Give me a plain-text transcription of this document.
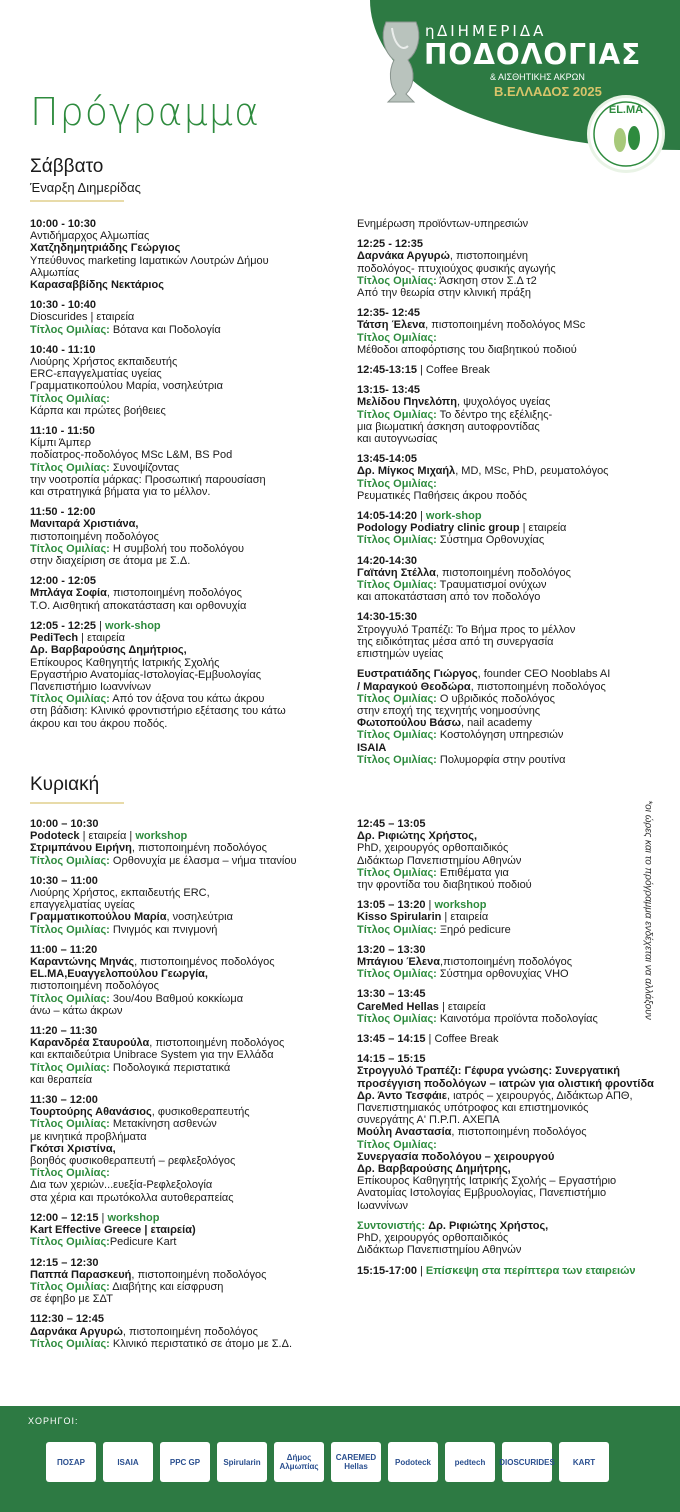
η ΔΙΗΜΕΡΙΔΑ
ΠΟΔΟΛΟΓΙΑΣ
& ΑΙΣΘΗΤΙΚΗΣ ΑΚΡΩΝ
Β.ΕΛΛΑΔΟΣ 2025
EL.MA
Πρόγραμμα
Σάββατο
Έναρξη Διημερίδας
10:00 - 10:30
Αντιδήμαρχος Αλμωπίας
Χατζηδημητριάδης Γεώργιος
Υπεύθυνος marketing Ιαματικών Λουτρών Δήμου
Αλμωπίας
Καρασαββίδης Νεκτάριος
10:30 - 10:40
Dioscurides | εταιρεία
Τίτλος Ομιλίας: Βότανα και Ποδολογία
10:40 - 11:10
Λιούρης Χρήστος εκπαιδευτής
ERC-επαγγελματίας υγείας
Γραμματικοπούλου Μαρία, νοσηλεύτρια
Τίτλος Ομιλίας:
Κάρπα και πρώτες βοήθειες
11:10 - 11:50
Κίμπι Άμπερ
ποδίατρος-ποδολόγος MSc L&M, BS Pod
Τίτλος Ομιλίας: Συνοψίζοντας
την νοοτροπία μάρκας: Προσωπική παρουσίαση
και στρατηγικά βήματα για το μέλλον.
11:50 - 12:00
Μανιταρά Χριστιάνα,
πιστοποιημένη ποδολόγος
Τίτλος Ομιλίας: Η συμβολή του ποδολόγου
στην διαχείριση σε άτομα με Σ.Δ.
12:00 - 12:05
Μπλάγα Σοφία, πιστοποιημένη ποδολόγος
Τ.Ο. Αισθητική αποκατάσταση και ορθονυχία
12:05 - 12:25 | work-shop
PediTech | εταιρεία
Δρ. Βαρβαρούσης Δημήτριος,
Επίκουρος Καθηγητής Ιατρικής Σχολής
Εργαστήριο Ανατομίας-Ιστολογίας-Εμβυολογίας
Πανεπιστήμιο Ιωαννίνων
Τίτλος Ομιλίας: Από τον άξονα του κάτω άκρου
στη βάδιση: Κλινικό φροντιστήριο εξέτασης του κάτω
άκρου και του άκρου ποδός.
Ενημέρωση προϊόντων-υπηρεσιών
12:25 - 12:35
Δαρνάκα Αργυρώ, πιστοποιημένη
ποδολόγος- πτυχιούχος φυσικής αγωγής
Τίτλος Ομιλίας: Άσκηση στον Σ.Δ τ2
Από την θεωρία στην κλινική πράξη
12:35- 12:45
Τάτση Έλενα, πιστοποιημένη ποδολόγος MSc
Τίτλος Ομιλίας:
Μέθοδοι αποφόρτισης του διαβητικού ποδιού
12:45-13:15 | Coffee Break
13:15- 13:45
Μελίδου Πηνελόπη, ψυχολόγος υγείας
Τίτλος Ομιλίας: Το δέντρο της εξέλιξης-
μια βιωματική άσκηση αυτοφροντίδας
και αυτογνωσίας
13:45-14:05
Δρ. Μίγκος Μιχαήλ, MD, MSc, PhD, ρευματολόγος
Τίτλος Ομιλίας:
Ρευματικές Παθήσεις άκρου ποδός
14:05-14:20 | work-shop
Podology Podiatry clinic group | εταιρεία
Τίτλος Ομιλίας: Σύστημα Ορθονυχίας
14:20-14:30
Γαϊτάνη Στέλλα, πιστοποιημένη ποδολόγος
Τίτλος Ομιλίας: Τραυματισμοί ονύχων
και αποκατάσταση από τον ποδολόγο
14:30-15:30
Στρογγυλό Τραπέζι: Το Βήμα προς το μέλλον
της ειδικότητας μέσα από τη συνεργασία
επιστημών υγείας
Ευστρατιάδης Γιώργος, founder CEO Nooblabs AI
/ Μαραγκού Θεοδώρα, πιστοποιημένη ποδολόγος
Τίτλος Ομιλίας: Ο υβριδικός ποδολόγος
στην εποχή της τεχνητής νοημοσύνης
Φωτοπούλου Βάσω, nail academy
Τίτλος Ομιλίας: Κοστολόγηση υπηρεσιών
ISAIA
Τίτλος Ομιλίας: Πολυμορφία στην ρουτίνα
Κυριακή
10:00 – 10:30
Podoteck | εταιρεία | workshop
Στριμπάνου Ειρήνη, πιστοποιημένη ποδολόγος
Τίτλος Ομιλίας: Ορθονυχία με έλασμα – νήμα τιτανίου
10:30 – 11:00
Λιούρης Χρήστος, εκπαιδευτής ERC,
επαγγελματίας υγείας
Γραμματικοπούλου Μαρία, νοσηλεύτρια
Τίτλος Ομιλίας: Πνιγμός και πνιγμονή
11:00 – 11:20
Καραντώνης Μηνάς, πιστοποιημένος ποδολόγος
EL.MA,Ευαγγελοπούλου Γεωργία,
πιστοποιημένη ποδολόγος
Τίτλος Ομιλίας: 3ου/4ου Βαθμού κοκκίωμα
άνω – κάτω άκρων
11:20 – 11:30
Καρανδρέα Σταυρούλα, πιστοποιημένη ποδολόγος
και εκπαιδεύτρια Unibrace System για την Ελλάδα
Τίτλος Ομιλίας: Ποδολογικά περιστατικά
και θεραπεία
11:30 – 12:00
Τουρτούρης Αθανάσιος, φυσικοθεραπευτής
Τίτλος Ομιλίας: Μετακίνηση ασθενών
με κινητικά προβλήματα
Γκότσι Χριστίνα,
βοηθός φυσικοθεραπευτή – ρεφλεξολόγος
Τίτλος Ομιλίας:
Δια των χεριών...ευεξία-Ρεφλεξολογία
στα χέρια και πρωτόκολλα αυτοθεραπείας
12:00 – 12:15 | workshop
Kart Effective Greece | εταιρεία)
Τίτλος Ομιλίας:Pedicure Kart
12:15 – 12:30
Παππά Παρασκευή, πιστοποιημένη ποδολόγος
Τίτλος Ομιλίας: Διαβήτης και είσφρυση
σε έφηβο με ΣΔΤ
112:30 – 12:45
Δαρνάκα Αργυρώ, πιστοποιημένη ποδολόγος
Τίτλος Ομιλίας: Κλινικό περιστατικό σε άτομο με Σ.Δ.
12:45 – 13:05
Δρ. Ριφιώτης Χρήστος,
PhD, χειρουργός ορθοπαιδικός
Διδάκτωρ Πανεπιστημίου Αθηνών
Τίτλος Ομιλίας: Επιθέματα για
την φροντίδα του διαβητικού ποδιού
13:05 – 13:20 | workshop
Kisso Spirularin | εταιρεία
Τίτλος Ομιλίας: Ξηρό pedicure
13:20 – 13:30
Μπάγιου Έλενα,πιστοποιημένη ποδολόγος
Τίτλος Ομιλίας: Σύστημα ορθονυχίας VHO
13:30 – 13:45
CareMed Hellas | εταιρεία
Τίτλος Ομιλίας: Καινοτόμα προϊόντα ποδολογίας
13:45 – 14:15 | Coffee Break
14:15 – 15:15
Στρογγυλό Τραπέζι: Γέφυρα γνώσης: Συνεργατική
προσέγγιση ποδολόγων – ιατρών για ολιστική φροντίδα
Δρ. Άντο Τεσφάιε, ιατρός – χειρουργός, Διδάκτωρ ΑΠΘ,
Πανεπιστημιακός υπότροφος και επιστημονικός
συνεργάτης Α' Π.Ρ.Π. ΑΧΕΠΑ
Μούλη Αναστασία, πιστοποιημένη ποδολόγος
Τίτλος Ομιλίας:
Συνεργασία ποδολόγου – χειρουργού
Δρ. Βαρβαρούσης Δημήτρης,
Επίκουρος Καθηγητής Ιατρικής Σχολής – Εργαστήριο
Ανατομίας Ιστολογίας Εμβρυολογίας, Πανεπιστήμιο
Ιωαννίνων
Συντονιστής: Δρ. Ριφιώτης Χρήστος,
PhD, χειρουργός ορθοπαιδικός
Διδάκτωρ Πανεπιστημίου Αθηνών
15:15-17:00 | Επίσκεψη στα περίπτερα των εταιρειών
*οι ώρες και το πρόγραμμα ενδέχεται να αλλάξουν
ΧΟΡΗΓΟΙ:
ΠΟΣΑΡ	ISAIA	PPC GP	Spirularin	Δήμος Αλμωπίας
CAREMED Hellas	Podoteck	pedtech	DIOSCURIDES	KART
